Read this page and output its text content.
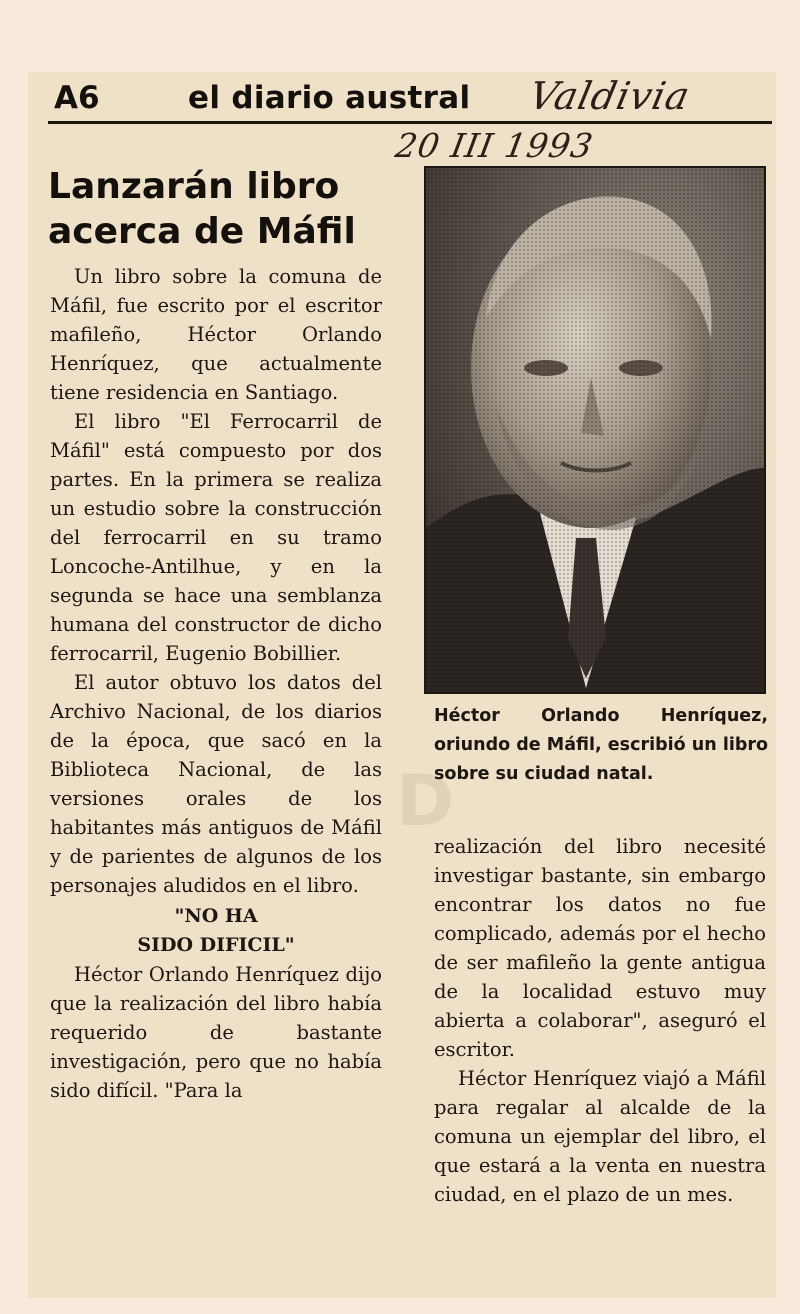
D
A6	el diario austral Valdivia
20 III 1993
Lanzarán libro
acerca de Máfil

Un libro sobre la comuna de Máfil, fue escrito por el escritor mafileño, Héctor Orlando Henríquez, que actualmente tiene residencia en Santiago.

El libro "El Ferrocarril de Máfil" está compuesto por dos partes. En la primera se realiza un estudio sobre la construcción del ferrocarril en su tramo Loncoche-Antilhue, y en la segunda se hace una semblanza humana del constructor de dicho ferrocarril, Eugenio Bobillier.

El autor obtuvo los datos del Archivo Nacional, de los diarios de la época, que sacó en la Biblioteca Nacional, de las versiones orales de los habitantes más antiguos de Máfil y de parientes de algunos de los personajes aludidos en el libro.

"NO HA
SIDO DIFICIL"

Héctor Orlando Henríquez dijo que la realización del libro había requerido de bastante investigación, pero que no había sido difícil. "Para la

Héctor Orlando Henríquez, oriundo de Máfil, escribió un libro sobre su ciudad natal.

realización del libro necesité investigar bastante, sin embargo encontrar los datos no fue complicado, además por el hecho de ser mafileño la gente antigua de la localidad estuvo muy abierta a colaborar", aseguró el escritor.

Héctor Henríquez viajó a Máfil para regalar al alcalde de la comuna un ejemplar del libro, el que estará a la venta en nuestra ciudad, en el plazo de un mes.
